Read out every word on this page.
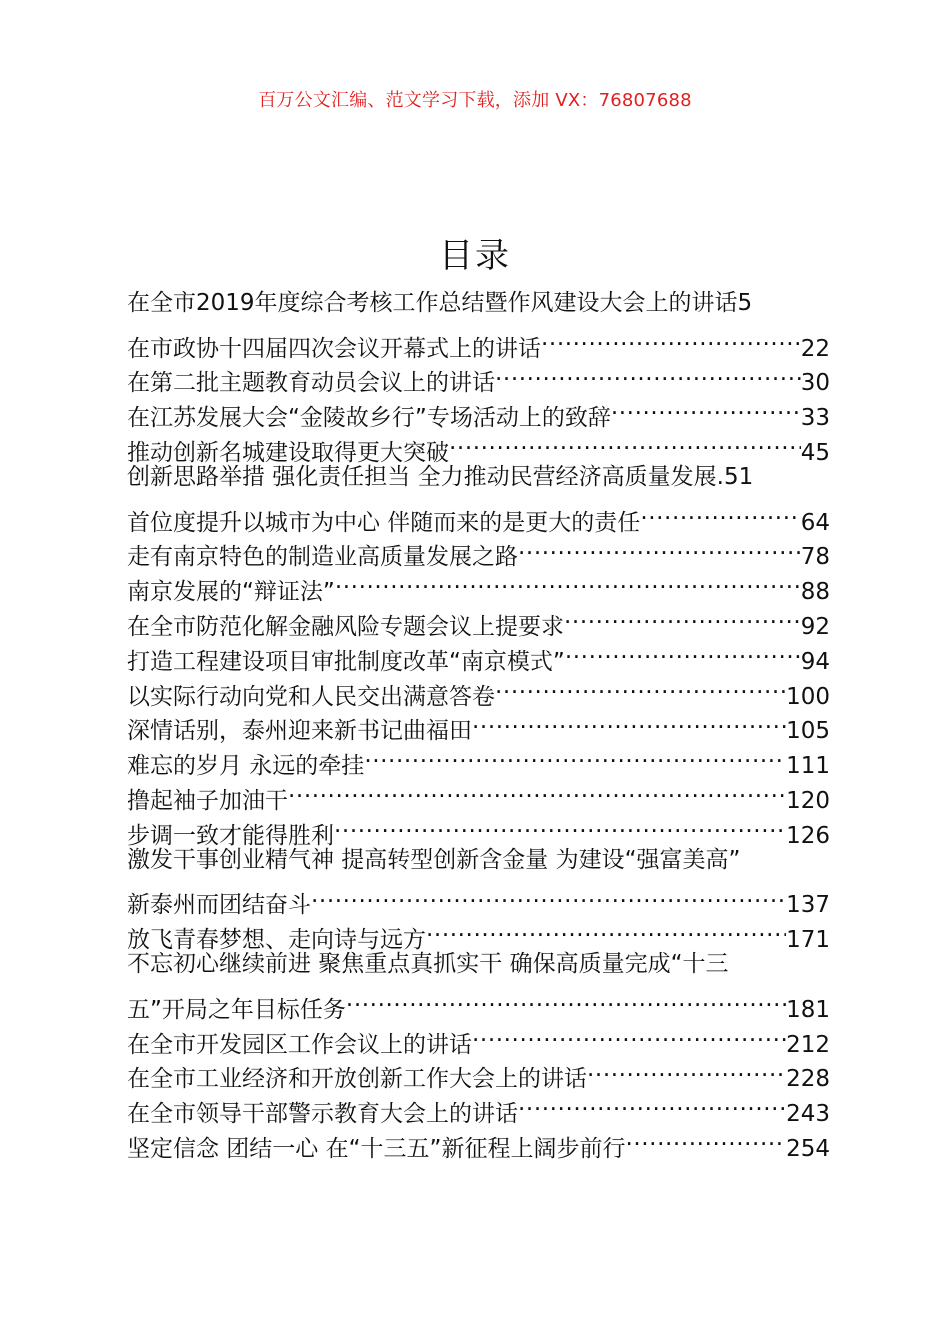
百万公文汇编、范文学习下载，添加 VX：76807688
目录
在全市2019年度综合考核工作总结暨作风建设大会上的讲话 5
在市政协十四届四次会议开幕式上的讲话 .....	22
在第二批主题教育动员会议上的讲话 .....	30
在江苏发展大会“金陵故乡行”专场活动上的致辞 .....	33
推动创新名城建设取得更大突破 .....	45
创新思路举措 强化责任担当 全力推动民营经济高质量发展. 51
首位度提升以城市为中心 伴随而来的是更大的责任 .....	64
走有南京特色的制造业高质量发展之路 .....	78
南京发展的“辩证法” .....	88
在全市防范化解金融风险专题会议上提要求 .....	92
打造工程建设项目审批制度改革“南京模式” .....	94
以实际行动向党和人民交出满意答卷 .....	100
深情话别，泰州迎来新书记曲福田 .....	105
难忘的岁月 永远的牵挂 .....	111
撸起袖子加油干 .....	120
步调一致才能得胜利 .....	126
激发干事创业精气神 提高转型创新含金量 为建设“强富美高”
新泰州而团结奋斗 .....	137
放飞青春梦想、走向诗与远方 .....	171
不忘初心继续前进 聚焦重点真抓实干 确保高质量完成“十三
五”开局之年目标任务 .....	181
在全市开发园区工作会议上的讲话 .....	212
在全市工业经济和开放创新工作大会上的讲话 .....	228
在全市领导干部警示教育大会上的讲话 .....	243
坚定信念 团结一心 在“十三五”新征程上阔步前行 .....	254
